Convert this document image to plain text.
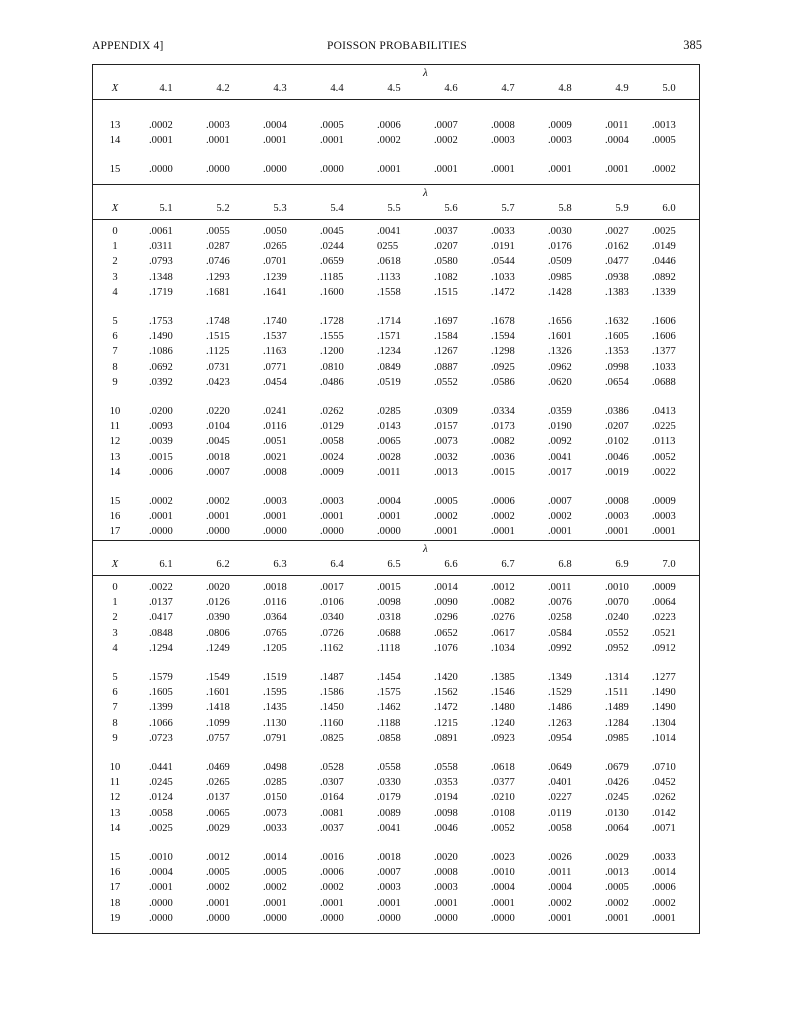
APPENDIX 4]	POISSON PROBABILITIES	385
λ
X	4.1	4.2	4.3	4.4	4.5	4.6	4.7	4.8	4.9	5.0
13	.0002	.0003	.0004	.0005	.0006	.0007	.0008	.0009	.0011	.0013
14	.0001	.0001	.0001	.0001	.0002	.0002	.0003	.0003	.0004	.0005
15	.0000	.0000	.0000	.0000	.0001	.0001	.0001	.0001	.0001	.0002
λ
X	5.1	5.2	5.3	5.4	5.5	5.6	5.7	5.8	5.9	6.0
0	.0061	.0055	.0050	.0045	.0041	.0037	.0033	.0030	.0027	.0025
1	.0311	.0287	.0265	.0244	0255	.0207	.0191	.0176	.0162	.0149
2	.0793	.0746	.0701	.0659	.0618	.0580	.0544	.0509	.0477	.0446
3	.1348	.1293	.1239	.1185	.1133	.1082	.1033	.0985	.0938	.0892
4	.1719	.1681	.1641	.1600	.1558	.1515	.1472	.1428	.1383	.1339
5	.1753	.1748	.1740	.1728	.1714	.1697	.1678	.1656	.1632	.1606
6	.1490	.1515	.1537	.1555	.1571	.1584	.1594	.1601	.1605	.1606
7	.1086	.1125	.1163	.1200	.1234	.1267	.1298	.1326	.1353	.1377
8	.0692	.0731	.0771	.0810	.0849	.0887	.0925	.0962	.0998	.1033
9	.0392	.0423	.0454	.0486	.0519	.0552	.0586	.0620	.0654	.0688
10	.0200	.0220	.0241	.0262	.0285	.0309	.0334	.0359	.0386	.0413
11	.0093	.0104	.0116	.0129	.0143	.0157	.0173	.0190	.0207	.0225
12	.0039	.0045	.0051	.0058	.0065	.0073	.0082	.0092	.0102	.0113
13	.0015	.0018	.0021	.0024	.0028	.0032	.0036	.0041	.0046	.0052
14	.0006	.0007	.0008	.0009	.0011	.0013	.0015	.0017	.0019	.0022
15	.0002	.0002	.0003	.0003	.0004	.0005	.0006	.0007	.0008	.0009
16	.0001	.0001	.0001	.0001	.0001	.0002	.0002	.0002	.0003	.0003
17	.0000	.0000	.0000	.0000	.0000	.0001	.0001	.0001	.0001	.0001
λ
X	6.1	6.2	6.3	6.4	6.5	6.6	6.7	6.8	6.9	7.0
0	.0022	.0020	.0018	.0017	.0015	.0014	.0012	.0011	.0010	.0009
1	.0137	.0126	.0116	.0106	.0098	.0090	.0082	.0076	.0070	.0064
2	.0417	.0390	.0364	.0340	.0318	.0296	.0276	.0258	.0240	.0223
3	.0848	.0806	.0765	.0726	.0688	.0652	.0617	.0584	.0552	.0521
4	.1294	.1249	.1205	.1162	.1118	.1076	.1034	.0992	.0952	.0912
5	.1579	.1549	.1519	.1487	.1454	.1420	.1385	.1349	.1314	.1277
6	.1605	.1601	.1595	.1586	.1575	.1562	.1546	.1529	.1511	.1490
7	.1399	.1418	.1435	.1450	.1462	.1472	.1480	.1486	.1489	.1490
8	.1066	.1099	.1130	.1160	.1188	.1215	.1240	.1263	.1284	.1304
9	.0723	.0757	.0791	.0825	.0858	.0891	.0923	.0954	.0985	.1014
10	.0441	.0469	.0498	.0528	.0558	.0558	.0618	.0649	.0679	.0710
11	.0245	.0265	.0285	.0307	.0330	.0353	.0377	.0401	.0426	.0452
12	.0124	.0137	.0150	.0164	.0179	.0194	.0210	.0227	.0245	.0262
13	.0058	.0065	.0073	.0081	.0089	.0098	.0108	.0119	.0130	.0142
14	.0025	.0029	.0033	.0037	.0041	.0046	.0052	.0058	.0064	.0071
15	.0010	.0012	.0014	.0016	.0018	.0020	.0023	.0026	.0029	.0033
16	.0004	.0005	.0005	.0006	.0007	.0008	.0010	.0011	.0013	.0014
17	.0001	.0002	.0002	.0002	.0003	.0003	.0004	.0004	.0005	.0006
18	.0000	.0001	.0001	.0001	.0001	.0001	.0001	.0002	.0002	.0002
19	.0000	.0000	.0000	.0000	.0000	.0000	.0000	.0001	.0001	.0001
